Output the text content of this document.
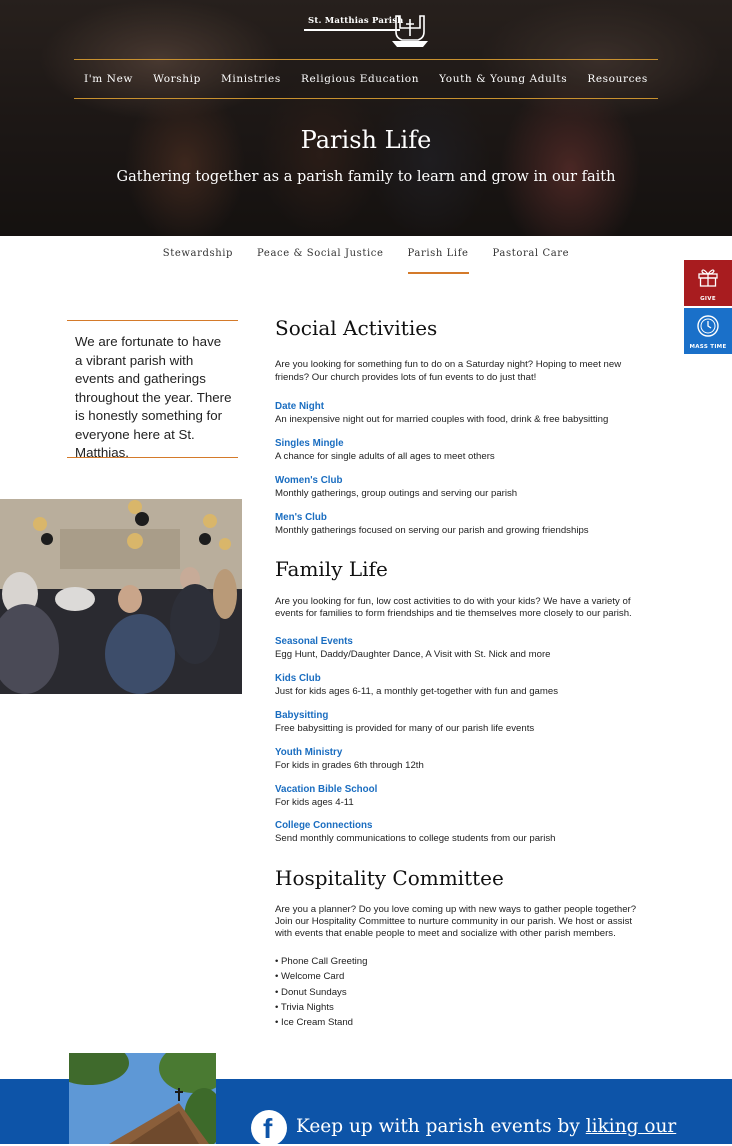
St. Matthias Parish
I'm New Worship Ministries Religious Education Youth & Young Adults Resources
Parish Life
Gathering together as a parish family to learn and grow in our faith
Stewardship	Peace & Social Justice	Parish Life	Pastoral Care
GIVE
MASS TIME
We are fortunate to have a vibrant parish with events and gatherings throughout the year. There is honestly something for everyone here at St. Matthias.
Social Activities
Are you looking for something fun to do on a Saturday night? Hoping to meet new
friends? Our church provides lots of fun events to do just that!
Date Night
An inexpensive night out for married couples with food, drink & free babysitting
Singles Mingle
A chance for single adults of all ages to meet others
Women's Club
Monthly gatherings, group outings and serving our parish
Men's Club
Monthly gatherings focused on serving our parish and growing friendships
Family Life
Are you looking for fun, low cost activities to do with your kids? We have a variety of
events for families to form friendships and tie themselves more closely to our parish.
Seasonal Events
Egg Hunt, Daddy/Daughter Dance, A Visit with St. Nick and more
Kids Club
Just for kids ages 6-11, a monthly get-together with fun and games
Babysitting
Free babysitting is provided for many of our parish life events
Youth Ministry
For kids in grades 6th through 12th
Vacation Bible School
For kids ages 4-11
College Connections
Send monthly communications to college students from our parish
Hospitality Committee
Are you a planner? Do you love coming up with new ways to gather people together?
Join our Hospitality Committee to nurture community in our parish. We host or assist
with events that enable people to meet and socialize with other parish members.
• Phone Call Greeting
• Welcome Card
• Donut Sundays
• Trivia Nights
• Ice Cream Stand
f Keep up with parish events by liking our
